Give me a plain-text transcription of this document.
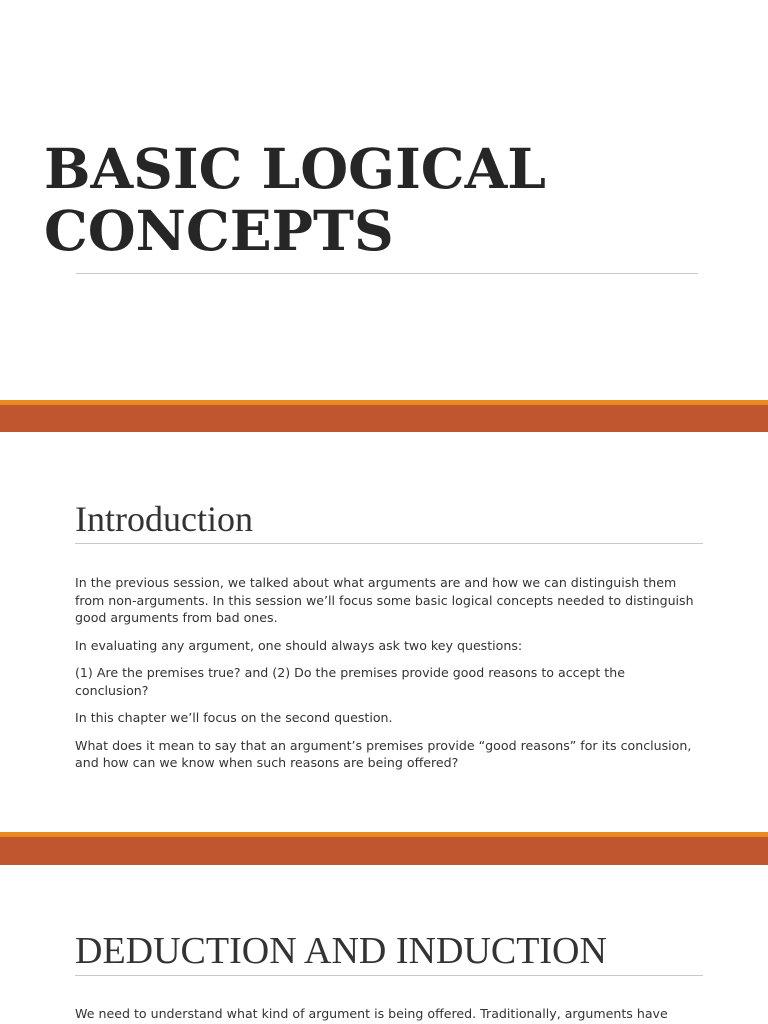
BASIC LOGICAL
CONCEPTS
Introduction

In the previous session, we talked about what arguments are and how we can distinguish them from non-arguments. In this session we’ll focus some basic logical concepts needed to distinguish good arguments from bad ones.

In evaluating any argument, one should always ask two key questions:

(1) Are the premises true? and (2) Do the premises provide good reasons to accept the conclusion?

In this chapter we’ll focus on the second question.

What does it mean to say that an argument’s premises provide “good reasons” for its conclusion, and how can we know when such reasons are being offered?

DEDUCTION AND INDUCTION

We need to understand what kind of argument is being offered. Traditionally, arguments have
